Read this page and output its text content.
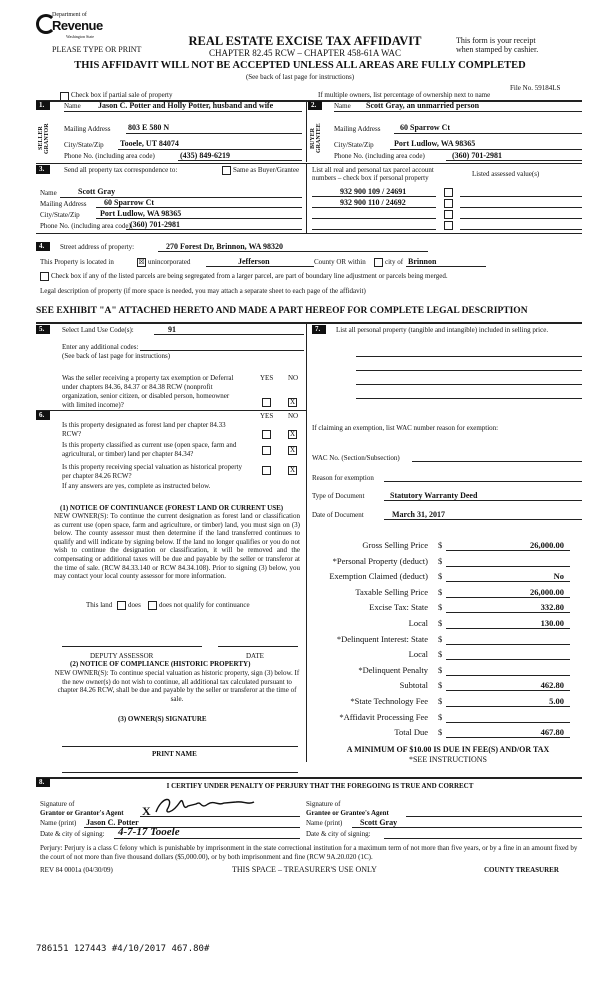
Department of
Revenue
Washington State
PLEASE TYPE OR PRINT
REAL ESTATE EXCISE TAX AFFIDAVIT
CHAPTER 82.45 RCW – CHAPTER 458-61A WAC
This form is your receipt
when stamped by cashier.
THIS AFFIDAVIT WILL NOT BE ACCEPTED UNLESS ALL AREAS ARE FULLY COMPLETED
(See back of last page for instructions)
File No. 59184LS
Check box if partial sale of property	If multiple owners, list percentage of ownership next to name
1.	Name Jason C. Potter and Holly Potter, husband and wife
SELLER GRANTOR Mailing Address 803 E 580 N
City/State/Zip Tooele, UT 84074
Phone No. (including area code)	(435) 849-6219
2.	Name Scott Gray, an unmarried person
BUYER GRANTEE Mailing Address 60 Sparrow Ct
City/State/Zip	Port Ludlow, WA 98365
Phone No. (including area code)	(360) 701-2981
3.	Send all property tax correspondence to:	Same as Buyer/Grantee
Name	Scott Gray
Mailing Address 60 Sparrow Ct
City/State/Zip	Port Ludlow, WA 98365
Phone No. (including area code) (360) 701-2981
List all real and personal tax parcel account
numbers – check box if personal property	Listed assessed value(s)
932 900 109 / 24691
932 900 110 / 24692
4.	Street address of property:	270 Forest Dr, Brinnon, WA 98320
This Property is located in	☒ unincorporated	Jefferson	County OR within	city of Brinnon
Check box if any of the listed parcels are being segregated from a larger parcel, are part of boundary line adjustment or parcels being merged.
Legal description of property (if more space is needed, you may attach a separate sheet to each page of the affidavit)
SEE EXHIBIT "A" ATTACHED HERETO AND MADE A PART HEREOF FOR COMPLETE LEGAL DESCRIPTION
5.	Select Land Use Code(s):	91
Enter any additional codes:
(See back of last page for instructions)
YES NO
Was the seller receiving a property tax exemption or Deferral under chapters 84.36, 84.37 or 84.38 RCW (nonprofit organization, senior citizen, or disabled person, homeowner with limited income)?	X
6.	YES NO
Is this property designated as forest land per chapter 84.33 RCW?	X
Is this property classified as current use (open space, farm and agricultural, or timber) land per chapter 84.34?	X
Is this property receiving special valuation as historical property per chapter 84.26 RCW?
X
If any answers are yes, complete as instructed below.
(1) NOTICE OF CONTINUANCE (FOREST LAND OR CURRENT USE)
NEW OWNER(S): To continue the current designation as forest land or classification as current use (open space, farm and agriculture, or timber) land, you must sign on (3) below. The county assessor must then determine if the land transferred continues to qualify and will indicate by signing below. If the land no longer qualifies or you do not wish to continue the designation or classification, it will be removed and the compensating or additional taxes will be due and payable by the seller or transferor at the time of sale. (RCW 84.33.140 or RCW 84.34.108). Prior to signing (3) below, you may contact your local county assessor for more information.
This land does	does not qualify for continuance
DEPUTY ASSESSOR	DATE
(2) NOTICE OF COMPLIANCE (HISTORIC PROPERTY)
NEW OWNER(S): To continue special valuation as historic property, sign (3) below. If the new owner(s) do not wish to continue, all additional tax calculated pursuant to chapter 84.26 RCW, shall be due and payable by the seller or transferor at the time of sale.
(3) OWNER(S) SIGNATURE
PRINT NAME
7.	List all personal property (tangible and intangible) included in selling price.
If claiming an exemption, list WAC number reason for exemption:
WAC No. (Section/Subsection)
Reason for exemption
Type of Document	Statutory Warranty Deed
Date of Document	March 31, 2017
Gross Selling Price $	26,000.00
*Personal Property (deduct) $
Exemption Claimed (deduct) $	No
Taxable Selling Price $	26,000.00
Excise Tax: State $	332.80
Local $	130.00
*Delinquent Interest: State $
Local $
*Delinquent Penalty $
Subtotal $	462.80
*State Technology Fee $	5.00
*Affidavit Processing Fee $
Total Due $	467.80
A MINIMUM OF $10.00 IS DUE IN FEE(S) AND/OR TAX
*SEE INSTRUCTIONS
8.	I CERTIFY UNDER PENALTY OF PERJURY THAT THE FOREGOING IS TRUE AND CORRECT
Signature of
Grantor or Grantor's Agent X
Name (print) Jason C. Potter
Date & city of signing: 4-7-17 Tooele
Signature of
Grantee or Grantee's Agent
Name (print) Scott Gray
Date & city of signing:
Perjury: Perjury is a class C felony which is punishable by imprisonment in the state correctional institution for a maximum term of not more than five years, or by a fine in an amount fixed by the court of not more than five thousand dollars ($5,000.00), or by both imprisonment and fine (RCW 9A.20.020 (1C).
REV 84 0001a (04/30/09)	THIS SPACE – TREASURER'S USE ONLY	COUNTY TREASURER
786151 127443 #4/10/2017 467.80#
